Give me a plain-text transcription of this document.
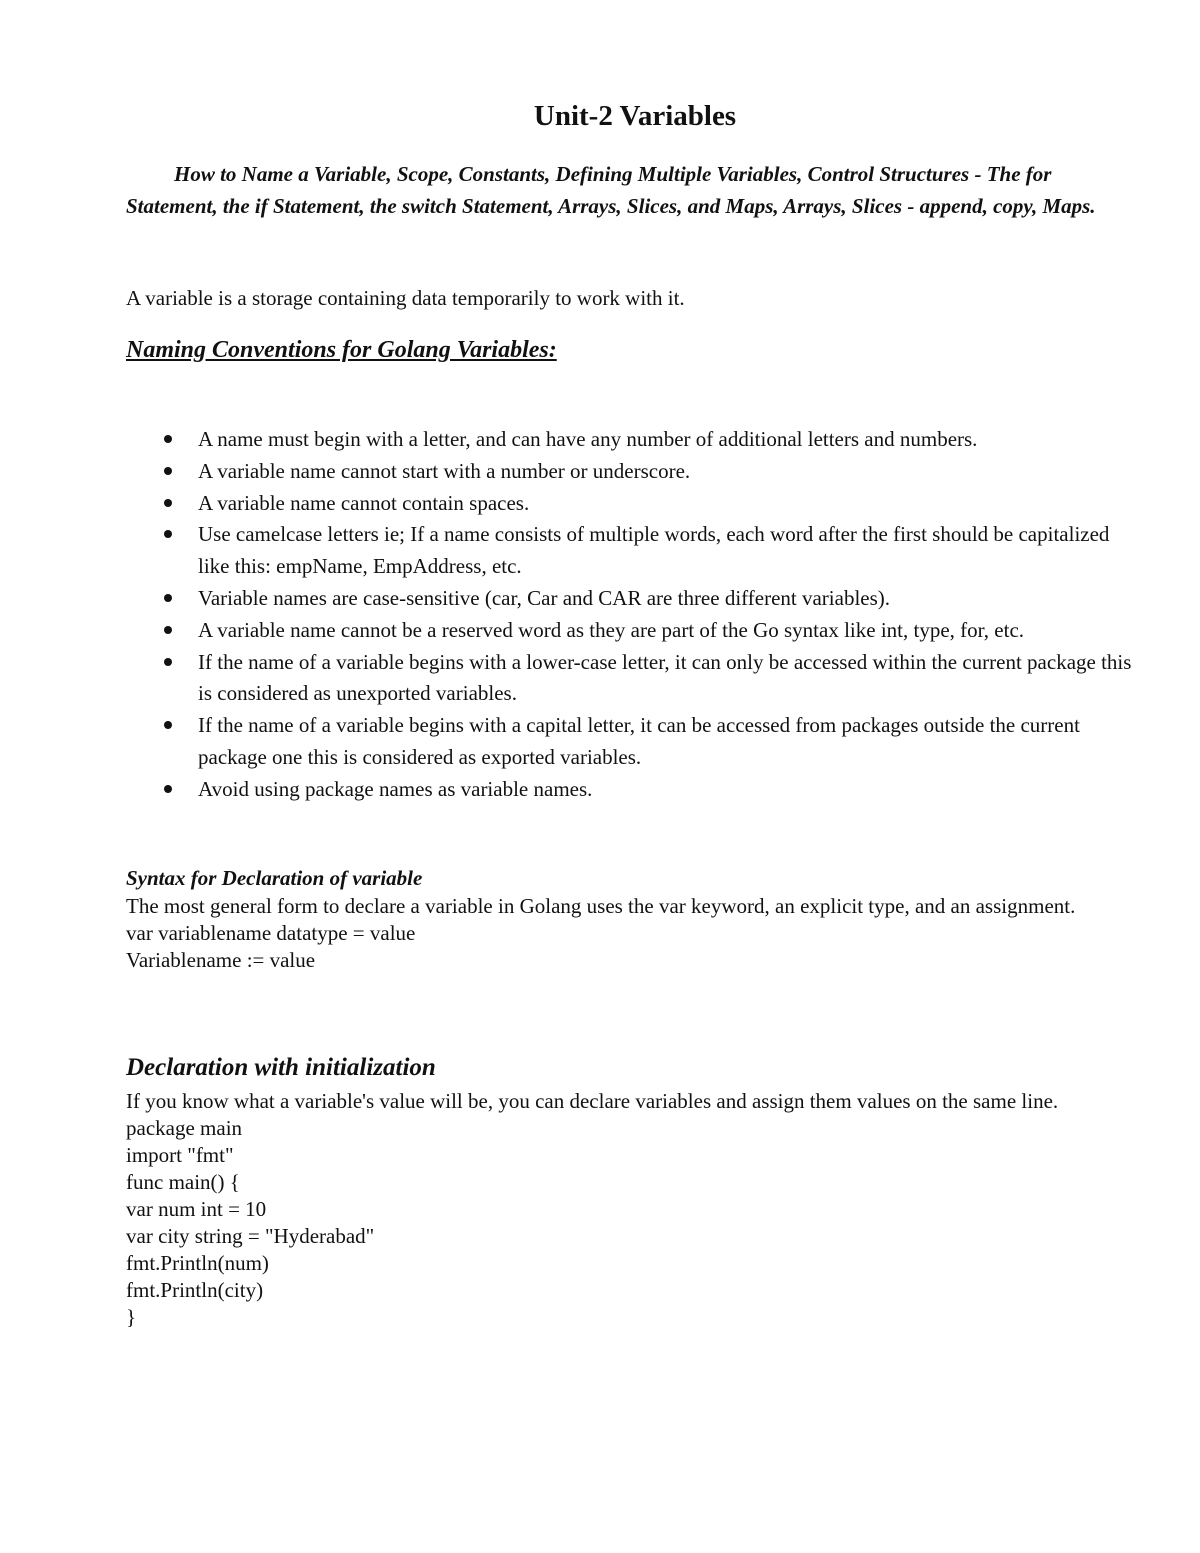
Unit-2 Variables

How to Name a Variable, Scope, Constants, Defining Multiple Variables, Control Structures - The for Statement, the if Statement, the switch Statement, Arrays, Slices, and Maps, Arrays, Slices - append, copy, Maps.

A variable is a storage containing data temporarily to work with it.

Naming Conventions for Golang Variables:
A name must begin with a letter, and can have any number of additional letters and numbers.
A variable name cannot start with a number or underscore.
A variable name cannot contain spaces.
Use camelcase letters ie; If a name consists of multiple words, each word after the first should be capitalized like this: empName, EmpAddress, etc.
Variable names are case-sensitive (car, Car and CAR are three different variables).
A variable name cannot be a reserved word as they are part of the Go syntax like int, type, for, etc.
If the name of a variable begins with a lower-case letter, it can only be accessed within the current package this is considered as unexported variables.
If the name of a variable begins with a capital letter, it can be accessed from packages outside the current package one this is considered as exported variables.
Avoid using package names as variable names.
Syntax for Declaration of variable
The most general form to declare a variable in Golang uses the var keyword, an explicit type, and an assignment.
var variablename datatype = value
Variablename := value
Declaration with initialization
If you know what a variable's value will be, you can declare variables and assign them values on the same line.
package main
import "fmt"
func main() {
var num int = 10
var city string = "Hyderabad"
fmt.Println(num)
fmt.Println(city)
}
